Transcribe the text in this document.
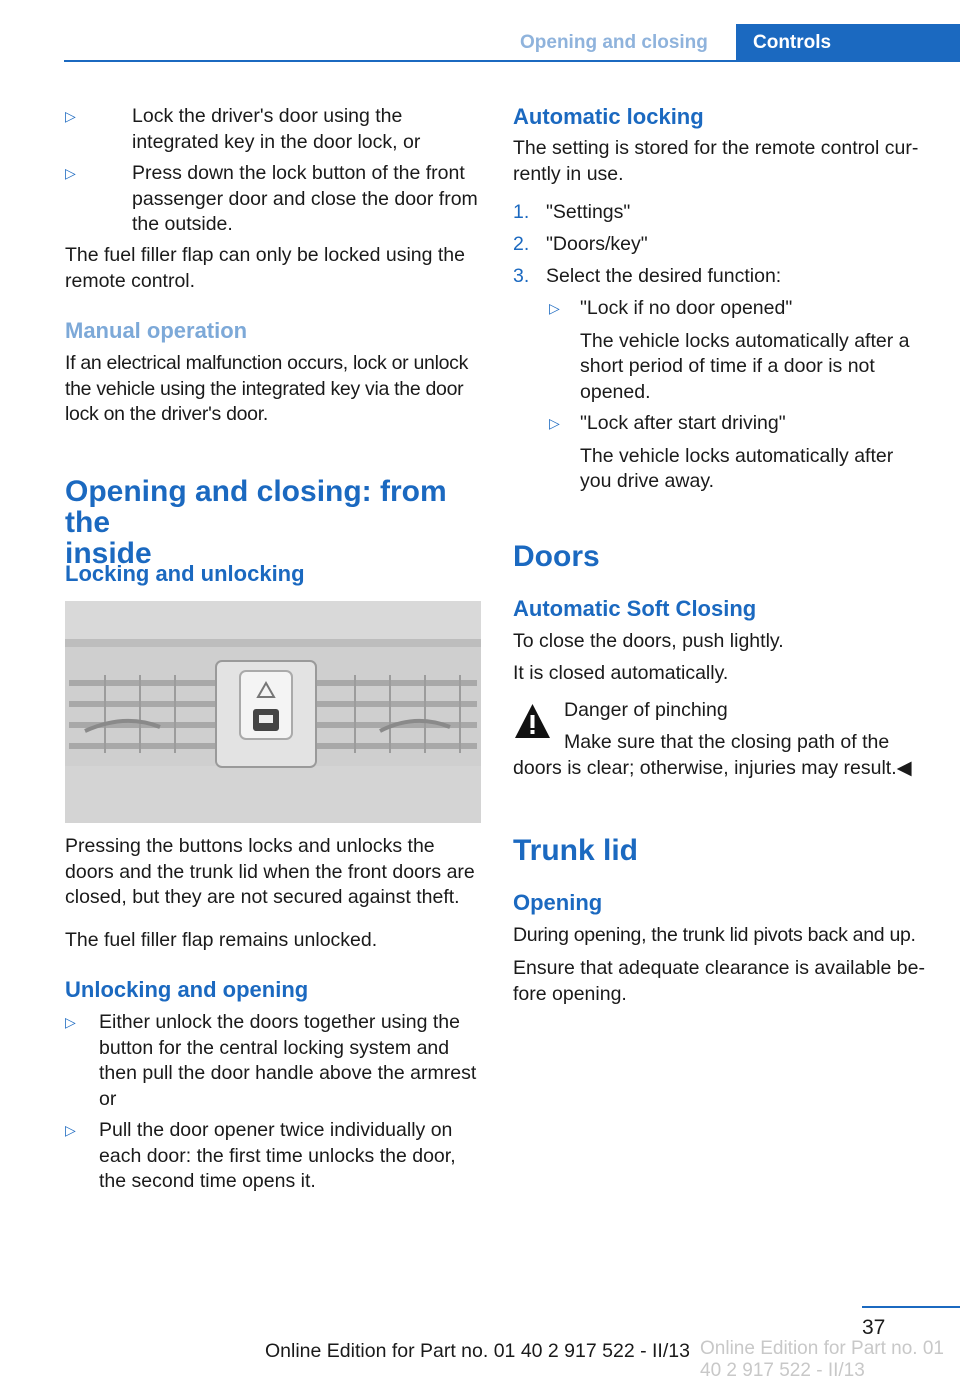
Opening and closing	Controls
▷	Lock the driver's door using the
integrated key in the door lock, or
▷	Press down the lock button of the front
passenger door and close the door from
the outside.
The fuel filler flap can only be locked using the
remote control.
Manual operation
If an electrical malfunction occurs, lock or unlock
the vehicle using the integrated key via the door
lock on the driver's door.
Opening and closing: from the
inside
Locking and unlocking
Pressing the buttons locks and unlocks the
doors and the trunk lid when the front doors are
closed, but they are not secured against theft.
The fuel filler flap remains unlocked.
Unlocking and opening
▷ Either unlock the doors together using the
button for the central locking system and
then pull the door handle above the armrest
or
▷ Pull the door opener twice individually on
each door: the first time unlocks the door,
the second time opens it.
Automatic locking
The setting is stored for the remote control cur-
rently in use.
1. "Settings"
2. "Doors/key"
3. Select the desired function:
▷ "Lock if no door opened"
The vehicle locks automatically after a
short period of time if a door is not
opened.
▷ "Lock after start driving"
The vehicle locks automatically after
you drive away.
Doors
Automatic Soft Closing
To close the doors, push lightly.
It is closed automatically.
Danger of pinching
Make sure that the closing path of the
doors is clear; otherwise, injuries may result.◀
Trunk lid
Opening
During opening, the trunk lid pivots back and up.
Ensure that adequate clearance is available be-
fore opening.
37
Online Edition for Part no. 01 40 2 917 522 - II/13 Online Edition for Part no. 01 40 2 917 522 - II/13
